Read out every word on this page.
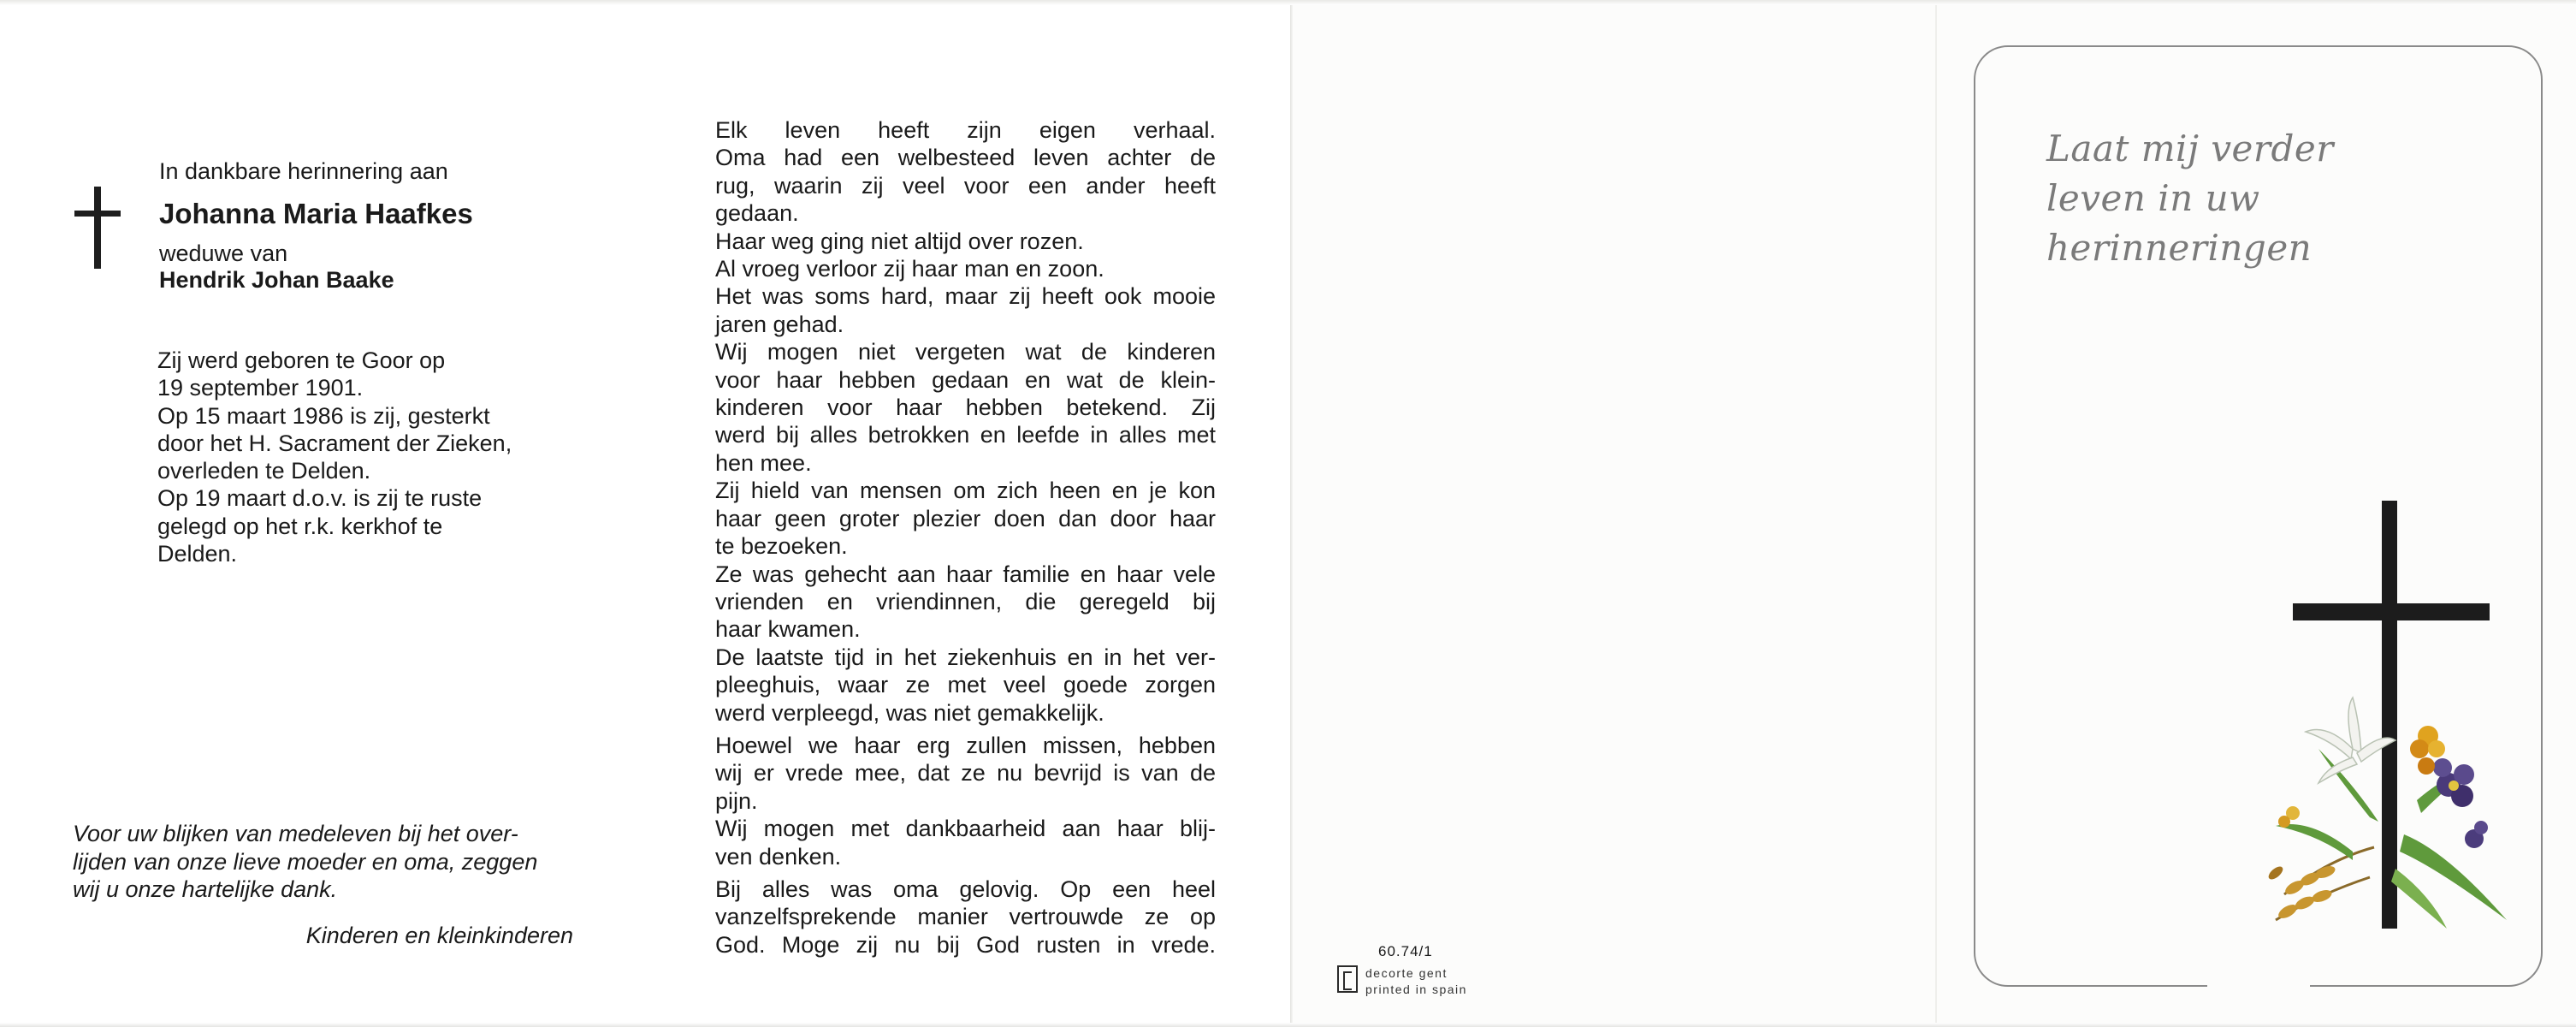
In dankbare herinnering aan
Johanna Maria Haafkes
weduwe van
Hendrik Johan Baake
Zij werd geboren te Goor op
19 september 1901.
Op 15 maart 1986 is zij, gesterkt
door het H. Sacrament der Zieken,
overleden te Delden.
Op 19 maart d.o.v. is zij te ruste
gelegd op het r.k. kerkhof te
Delden.
Voor uw blijken van medeleven bij het over-
lijden van onze lieve moeder en oma, zeggen
wij u onze hartelijke dank.
Kinderen en kleinkinderen
Elk leven heeft zijn eigen verhaal.
Oma had een welbesteed leven achter de
rug, waarin zij veel voor een ander heeft
gedaan.
Haar weg ging niet altijd over rozen.
Al vroeg verloor zij haar man en zoon.
Het was soms hard, maar zij heeft ook mooie
jaren gehad.
Wij mogen niet vergeten wat de kinderen
voor haar hebben gedaan en wat de klein-
kinderen voor haar hebben betekend. Zij
werd bij alles betrokken en leefde in alles met
hen mee.
Zij hield van mensen om zich heen en je kon
haar geen groter plezier doen dan door haar
te bezoeken.
Ze was gehecht aan haar familie en haar vele
vrienden en vriendinnen, die geregeld bij
haar kwamen.
De laatste tijd in het ziekenhuis en in het ver-
pleeghuis, waar ze met veel goede zorgen
werd verpleegd, was niet gemakkelijk.
Hoewel we haar erg zullen missen, hebben
wij er vrede mee, dat ze nu bevrijd is van de
pijn.
Wij mogen met dankbaarheid aan haar blij-
ven denken.
Bij alles was oma gelovig. Op een heel
vanzelfsprekende manier vertrouwde ze op
God. Moge zij nu bij God rusten in vrede.	60.74/1
decorte gent
printed in spain
Laat mij verder
leven in uw
herinneringen
